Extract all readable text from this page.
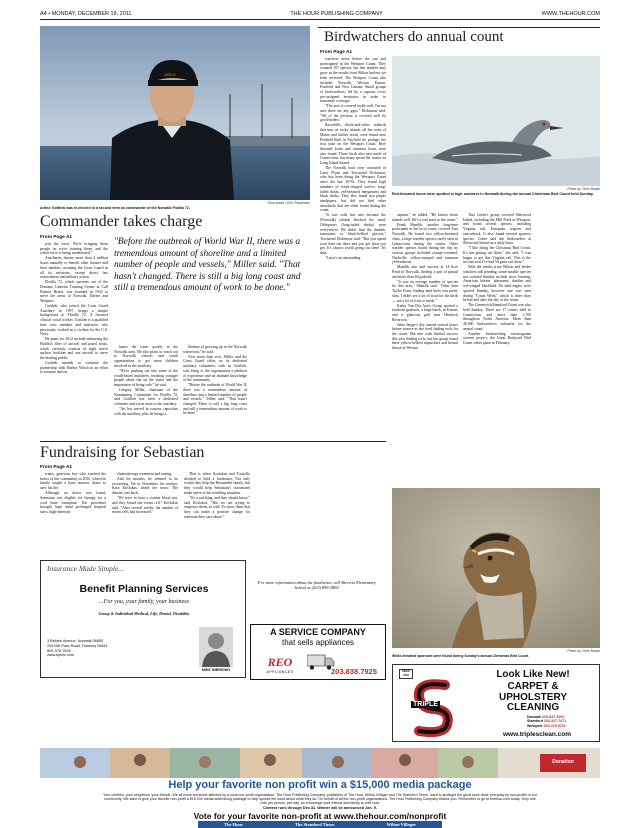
A4 • MONDAY, DECEMBER 19, 2011	THE HOUR PUBLISHING COMPANY	WWW.THEHOUR.COM
USCG
Hour photo / Erik Trautmann
Arthur Gottlieb was re-elected to a second term as commander of the Norwalk Flotilla 72.
Birdwatchers do annual count
From Page A1

watchers arose before the sun and participated in the Westport Count. They counted 107 species, but that number may grow as the results from Wilton had not yet been received. The Westport Count also includes Norwalk, Weston, Easton, Fairfield and New Canaan. Small groups of birdwatchers, led by a captain, cover pre-assigned territories in order to maximize coverage.

"The area is covered really well. I'm not sure there are any gaps," Dickinson said. "All of the territory is covered well by good birders."

Razorbills, black-and-white seabirds that nest on rocky islands off the coast of Maine and farther north, were found near Penfield Reef in Fairfield for perhaps the first time on the Westport Count. Red-throated loons and common loons were also found. Those birds also nest north of Connecticut, but many spend the winter on Long Island Sound.

The Norwalk boat crew consisted of Larry Flynn and Townsend Dickinson, who has been doing the Westport Count since the late 1970s. They found high numbers of white-winged scoters, long-tailed ducks, red-breasted mergansers and black ducks. They also found two purple sandpipers, but did not find other shorebirds that are often found during the count.

"It was cold, but nice because the (Norwalk) islands blocked the wind. Oldsquaws (long-tailed ducks) were everywhere. We didn't find the dunlins, turnstones or black-bellied plovers," Townsend Dickinson said. "But you spend your time out there and you get what you get. It's always worth going out there. It's data.

"Larry's an outstanding

Photo by Chris Bosak
Red-throated loons were spotted in high numbers in Norwalk during the annual Christmas Bird Count held Sunday.

captain," he added. "He knows those islands well. He's a real asset to the count."

Frank Mantlik, another long-time participant in the local count, covered East Norwalk. He found two yellow-breasted chats, a large warbler species rarely seen in Connecticut during the winter. Other warbler species found during the day by various groups included orange-crowned, Nashville, yellow-rumped and common yellowthroat.

Mantlik also had success at 14-Acre Pond in Norwalk, finding a pair of pintail and more than 60 gadwall.

"It was an average number of species for this area," Mantlik said. "Other than Taylor Farm, finding land birds was pretty slim. I didn't see a lot of food for the birds — not a lot of fruit or seeds."

Kathy Van Der Aue's Group spotted a northern goshawk, a large hawk, in Easton, and a glaucous gull near Hemlock Reservoir.

Jalna Jaeger's day started several hours before sunrise as she tried finding owls for the count. She met with limited success this year finding owls, but her group found three yellow-bellied sapsuckers and hermit thrush in Weston.

Tina Green's group covered Sherwood Island, including the Mill Pond in Westport, and found several species, including Virginia rail, European wigeon and canvasback. It also found several sparrow species. Green said she birdwatches at Sherwood Island on a daily basis.

"I like doing the Christmas Bird Count. It's fun getting out there," she said. "I was happy to get that Virginia rail. This is the second year I've had Virginia rail there."

With the results from Wilton and feeder watchers still pending, some notable species not counted Sunday include snow bunting, American bittern, pheasants, dunlins and red-winged blackbird. No bald eagles were spotted Sunday, however one was seen during "Count Week," which is three days before and after the day of the count.

The Greenwich/Stamford Count was also held Sunday. There are 17 counts held in Connecticut and more than 1,700 throughout North America. More than 40,000 birdwatchers volunteer for the annual count.

Another birdwatching extravaganza science project, the Great Backyard Bird Count, takes place in February.

Photo by Chris Bosak
White-throated sparrows were found during Sunday's annual Christmas Bird Count.
Commander takes charge
From Page A1

join the force. We're bringing these people in, we're training them, and the whole force is being modernized."

Auxiliaries donate more than 2 million hours annually to benefit other boaters and their families, assisting the Coast Guard in all its missions, except direct law enforcement and military action.

Flotilla 72, which operates out of the Dominic Lametta Training Center at Calf Pasture Beach, was founded in 1943 to serve the areas of Norwalk, Darien and Westport.

Gottlieb, who joined the Coast Guard Auxiliary in 1997, brings a unique background to Flotilla 72. A licensed clinical social worker, Gottlieb is a qualified boat crew member and instructor who previously worked as a civilian for the U.S. Navy.

He plans for 2012 include enhancing the Flotilla's fleet of aircraft and patrol boats, which currently consists of eight active surface facilities and one aircraft to serve the boating public.

Gottlieb intends to continue the partnership with Harbor Watch in an effort to monitor and en-

"Before the outbreak of World War II, there was a tremendous amount of shoreline and a limited number of people and vessels," Miller said. "That hasn't changed. There is still a big long coast and still a tremendous amount of work to be done."

hance the water quality in the Norwalk area. He also plans to reach out to Norwalk schools and youth organizations to get more children involved in the auxiliary.

"We're pushing out into some of the youth-based initiatives, teaching younger people about fun on the water and the importance of being safe," he said.

Gregory Miller, chairman of the Nominating Committee for Flotilla 72, said Gottlieb has been a dedicated volunteer and a true asset to the auxiliary.

"Art has served in various capacities with the auxiliary, plus he brings a

lifetime of growing up in the Norwalk waterfront," he said.

Now more than ever, Miller said the Coast Guard relies on its dedicated auxiliary volunteers, such as Gottlieb, who bring to the organization a plethora of experience and an intimate knowledge of the community.

"Before the outbreak of World War II, there was a tremendous amount of shoreline and a limited number of people and vessels," Miller said. "That hasn't changed. There is still a big long coast and still a tremendous amount of work to be done."

Fundraising for Sebastian
From Page A1

wants, generous boy who touched the hearts of the community in 2010, when his family sought a bone marrow donor to save his life.

Although no donor was found, Sebastian was eligible for therapy for a cord bone transplant. The procedure brought hope amid prolonged hospital stays, high-intensity

chemotherapy treatment and testing.

And for months, he seemed to be recovering. Yet in November, his teacher, Kara Kovlakas, heard the news: The disease was back.

"We were in hour a routine blood test, and they found one errant cell," Kovlakas said. "After several weeks, the number of errant cells had increased."

That is when Kovlakas and Torsiello decided to hold a fundraiser. Not only would they help the Hernandez family, but they would help Sebastian's classmates make sense of the troubling situation.

"It's a sad thing, and they should know," said Kovlakas. "But we are trying to empower them, as well. To show them that they can make a positive change for someone they care about."

Insurance Made Simple...
Benefit Planning Services
...For you, your family, your business
Group & Individual Medical, Life, Dental, Disability
3 Belden Avenue, Norwalk 06850
205 Mill Plain Road, Danbury 06811
800-378-7526
www.bpsllc.com
MIKE IMBRIGNO
A SERVICE COMPANY
that sells appliances
REO
APPLIANCES	203.838.7925
For more information about the fundraiser, call Sherwin Elementary School at (203) 899-2890.
SINCE 1963
TRIPLE
Look Like New!
CARPET &
UPHOLSTERY
CLEANING
Norwalk 203-847-4000
Stamford 203-327-7471
Westport 203-378-9721
www.triplesclean.com
Donation
Help your favorite non profit win a $15,000 media package
Your children, your neighbors, your friends. We all know someone affected by a local non-profit organization. The Hour Publishing Company, publishers of The Hour, Wilton Villager and The Stamford Times, want to spotlight the good work done everyday by non-profits in our community. We want to give your favorite non-profit a $15,000 media advertising package to help spread the word about what they do. On behalf of all the non-profit organizations, The Hour Publishing Company thanks you. Remember to go to thehour.com today. Only one vote per person, per day, so encourage your friends and family to vote now.
Contest runs through Dec.31. Winner will be announced Jan. 9.
Vote for your favorite non-profit at www.thehour.com/nonprofit
The Hour	The Stamford Times	Wilton Villager
